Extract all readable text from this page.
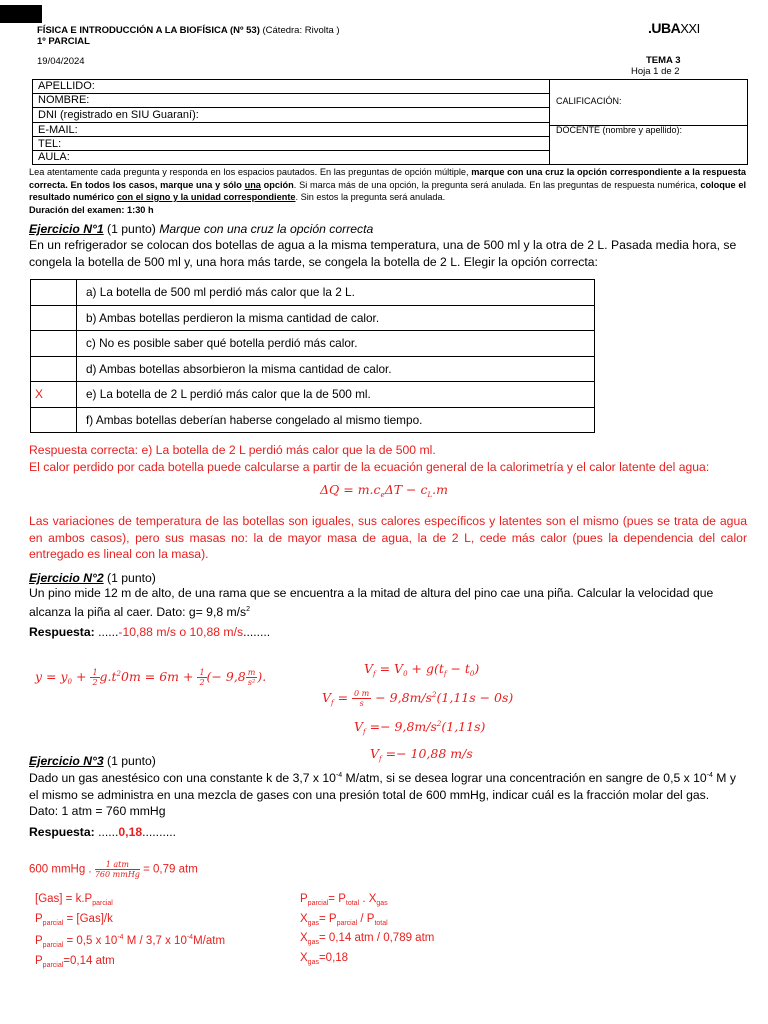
FÍSICA E INTRODUCCIÓN A LA BIOFÍSICA (Nº 53) (Cátedra: Rivolta )
1º PARCIAL
19/04/2024
.UBAXXI
TEMA 3
Hoja 1 de 2
APELLIDO:
NOMBRE:
DNI (registrado en SIU Guaraní):
E-MAIL:
TEL:
AULA:
CALIFICACIÓN:
DOCENTE (nombre y apellido):
Lea atentamente cada pregunta y responda en los espacios pautados. En las preguntas de opción múltiple, marque con una cruz la opción correspondiente a la respuesta correcta. En todos los casos, marque una y sólo una opción. Si marca más de una opción, la pregunta será anulada. En las preguntas de respuesta numérica, coloque el resultado numérico con el signo y la unidad correspondiente. Sin estos la pregunta será anulada.
Duración del examen: 1:30 h
Ejercicio N°1 (1 punto) Marque con una cruz la opción correcta
En un refrigerador se colocan dos botellas de agua a la misma temperatura, una de 500 ml y la otra de 2 L. Pasada media hora, se congela la botella de 500 ml y, una hora más tarde, se congela la botella de 2 L. Elegir la opción correcta:
a) La botella de 500 ml perdió más calor que la 2 L.
b) Ambas botellas perdieron la misma cantidad de calor.
c) No es posible saber qué botella perdió más calor.
d) Ambas botellas absorbieron la misma cantidad de calor.
X	e) La botella de 2 L perdió más calor que la de 500 ml.
f) Ambas botellas deberían haberse congelado al mismo tiempo.
Respuesta correcta: e) La botella de 2 L perdió más calor que la de 500 ml.
El calor perdido por cada botella puede calcularse a partir de la ecuación general de la calorimetría y el calor latente del agua:
$\Delta Q = m.c_e\Delta T - c_L.m$
Las variaciones de temperatura de las botellas son iguales, sus calores específicos y latentes son el mismo (pues se trata de agua en ambos casos), pero sus masas no: la de mayor masa de agua, la de 2 L, cede más calor (pues la dependencia del calor entregado es lineal con la masa).
Ejercicio N°2 (1 punto)
Un pino mide 12 m de alto, de una rama que se encuentra a la mitad de altura del pino cae una piña. Calcular la velocidad que alcanza la piña al caer. Dato: g= 9,8 $m/s^2$
Respuesta: ......-10,88 m/s o 10,88 m/s........
$y = y_0 + \frac{1}{2} g.t^20m = 6m + \frac{1}{2}$ (− $9,8 \frac{m}{\text{s²}}$ ).
$V_f = V_0 + g(t_f - t_0)$
$V_f = \frac{0 m}{s} - 9,8m/s^2(1,11s - 0s)$
$V_f =- 9,8m/s^2(1,11s)$
$V_f =- 10,88$ m/s
Ejercicio N°3 (1 punto)
Dado un gas anestésico con una constante k de 3,7 x $10^{-4}$ M/atm, si se desea lograr una concentración en sangre de 0,5 x $10^{-4}$ M y el mismo se administra en una mezcla de gases con una presión total de 600 mmHg, indicar cuál es la fracción molar del gas.
Dato: 1 atm = 760 mmHg
Respuesta: ......0,18..........
600 mmHg . $\frac{\text{1 atm}}{\text{760 mmHg}} = 0,79$ atm
$[Gas] = k.P_{parcial}$
$P_{parcial} = [Gas]/k$
$P_{parcial} = 0,5$ x $10^{-4}$ M / 3,7 x $10^{-4}M$/atm
$P_{parcial}=0,14$ atm
$P_{parcial}= P_{total}$ . $X_{gas}$
$X_{gas}= P_{parcial} / P_{total}$
$X_{gas}= 0,14$ atm / 0,789 atm
$X_{gas}=0,18$
